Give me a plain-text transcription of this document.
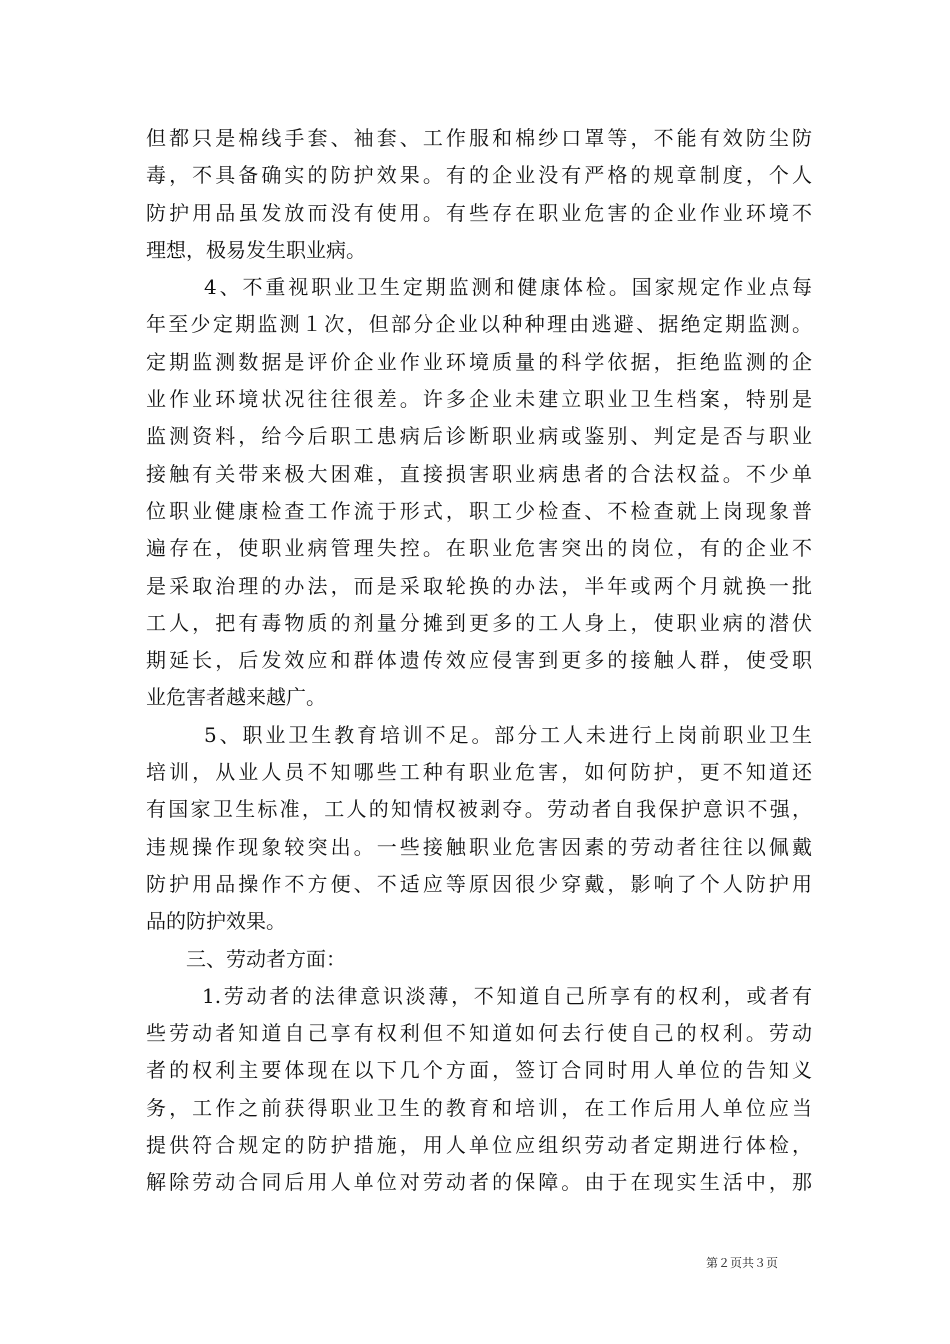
但都只是棉线手套、袖套、工作服和棉纱口罩等，不能有效防尘防
毒，不具备确实的防护效果。有的企业没有严格的规章制度，个人
防护用品虽发放而没有使用。有些存在职业危害的企业作业环境不
理想，极易发生职业病。
4、不重视职业卫生定期监测和健康体检。国家规定作业点每
年至少定期监测１次，但部分企业以种种理由逃避、据绝定期监测。
定期监测数据是评价企业作业环境质量的科学依据，拒绝监测的企
业作业环境状况往往很差。许多企业未建立职业卫生档案，特别是
监测资料，给今后职工患病后诊断职业病或鉴别、判定是否与职业
接触有关带来极大困难，直接损害职业病患者的合法权益。不少单
位职业健康检查工作流于形式，职工少检查、不检查就上岗现象普
遍存在，使职业病管理失控。在职业危害突出的岗位，有的企业不
是采取治理的办法，而是采取轮换的办法，半年或两个月就换一批
工人，把有毒物质的剂量分摊到更多的工人身上，使职业病的潜伏
期延长，后发效应和群体遗传效应侵害到更多的接触人群，使受职
业危害者越来越广。
5、职业卫生教育培训不足。部分工人未进行上岗前职业卫生
培训，从业人员不知哪些工种有职业危害，如何防护，更不知道还
有国家卫生标准，工人的知情权被剥夺。劳动者自我保护意识不强，
违规操作现象较突出。一些接触职业危害因素的劳动者往往以佩戴
防护用品操作不方便、不适应等原因很少穿戴，影响了个人防护用
品的防护效果。
三、劳动者方面：
1.劳动者的法律意识淡薄，不知道自己所享有的权利，或者有
些劳动者知道自己享有权利但不知道如何去行使自己的权利。劳动
者的权利主要体现在以下几个方面，签订合同时用人单位的告知义
务，工作之前获得职业卫生的教育和培训，在工作后用人单位应当
提供符合规定的防护措施，用人单位应组织劳动者定期进行体检，
解除劳动合同后用人单位对劳动者的保障。由于在现实生活中，那
第２页共３页
